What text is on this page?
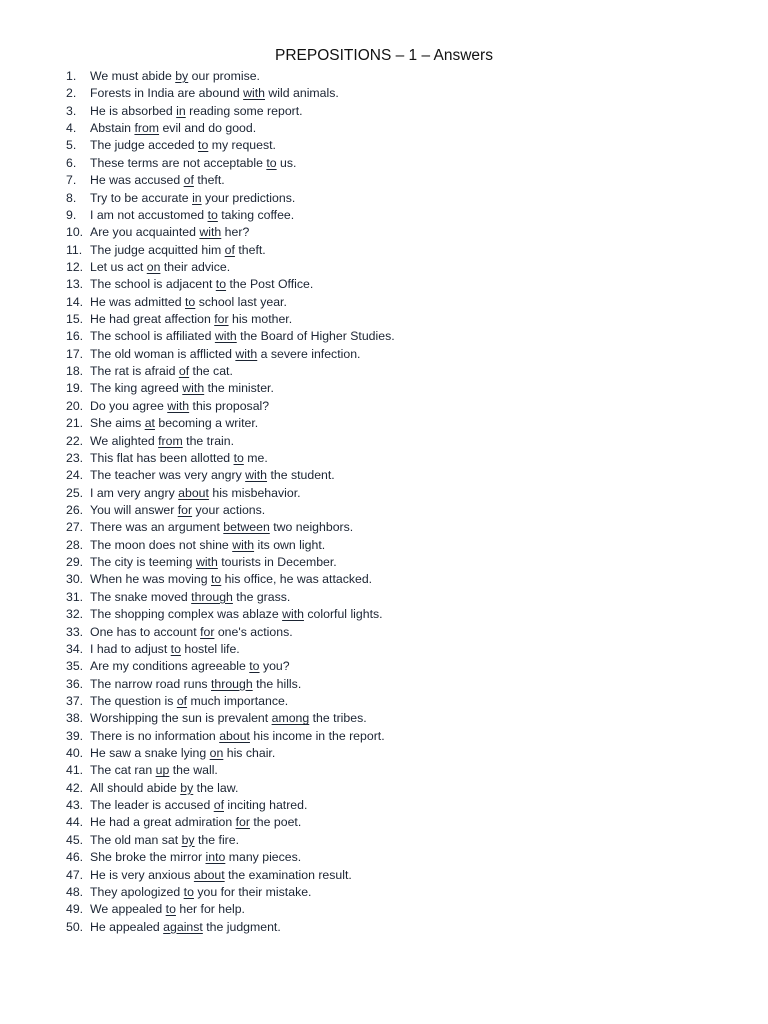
PREPOSITIONS – 1 – Answers
1. We must abide by our promise.
2. Forests in India are abound with wild animals.
3. He is absorbed in reading some report.
4. Abstain from evil and do good.
5. The judge acceded to my request.
6. These terms are not acceptable to us.
7. He was accused of theft.
8. Try to be accurate in your predictions.
9. I am not accustomed to taking coffee.
10. Are you acquainted with her?
11. The judge acquitted him of theft.
12. Let us act on their advice.
13. The school is adjacent to the Post Office.
14. He was admitted to school last year.
15. He had great affection for his mother.
16. The school is affiliated with the Board of Higher Studies.
17. The old woman is afflicted with a severe infection.
18. The rat is afraid of the cat.
19. The king agreed with the minister.
20. Do you agree with this proposal?
21. She aims at becoming a writer.
22. We alighted from the train.
23. This flat has been allotted to me.
24. The teacher was very angry with the student.
25. I am very angry about his misbehavior.
26. You will answer for your actions.
27. There was an argument between two neighbors.
28. The moon does not shine with its own light.
29. The city is teeming with tourists in December.
30. When he was moving to his office, he was attacked.
31. The snake moved through the grass.
32. The shopping complex was ablaze with colorful lights.
33. One has to account for one's actions.
34. I had to adjust to hostel life.
35. Are my conditions agreeable to you?
36. The narrow road runs through the hills.
37. The question is of much importance.
38. Worshipping the sun is prevalent among the tribes.
39. There is no information about his income in the report.
40. He saw a snake lying on his chair.
41. The cat ran up the wall.
42. All should abide by the law.
43. The leader is accused of inciting hatred.
44. He had a great admiration for the poet.
45. The old man sat by the fire.
46. She broke the mirror into many pieces.
47. He is very anxious about the examination result.
48. They apologized to you for their mistake.
49. We appealed to her for help.
50. He appealed against the judgment.
